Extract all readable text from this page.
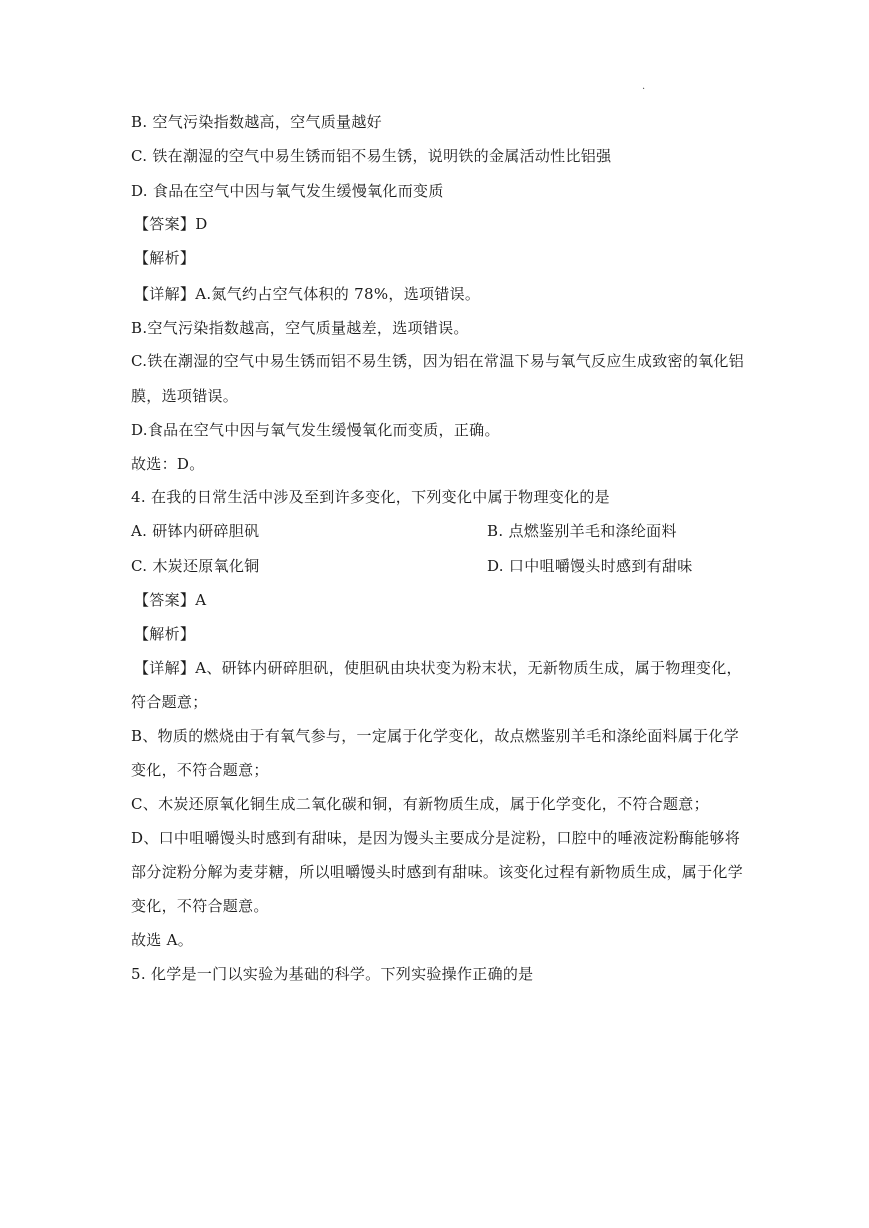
·
B. 空气污染指数越高，空气质量越好
C. 铁在潮湿的空气中易生锈而铝不易生锈，说明铁的金属活动性比铝强
D. 食品在空气中因与氧气发生缓慢氧化而变质
【答案】D
【解析】
【详解】A.氮气约占空气体积的 78%，选项错误。
B.空气污染指数越高，空气质量越差，选项错误。
C.铁在潮湿的空气中易生锈而铝不易生锈，因为铝在常温下易与氧气反应生成致密的氧化铝
膜，选项错误。
D.食品在空气中因与氧气发生缓慢氧化而变质，正确。
故选：D。
4. 在我的日常生活中涉及至到许多变化，下列变化中属于物理变化的是
A. 研钵内研碎胆矾	B. 点燃鉴别羊毛和涤纶面料
C. 木炭还原氧化铜	D. 口中咀嚼馒头时感到有甜味
【答案】A
【解析】
【详解】A、研钵内研碎胆矾，使胆矾由块状变为粉末状，无新物质生成，属于物理变化，
符合题意；
B、物质的燃烧由于有氧气参与，一定属于化学变化，故点燃鉴别羊毛和涤纶面料属于化学
变化，不符合题意；
C、木炭还原氧化铜生成二氧化碳和铜，有新物质生成，属于化学变化，不符合题意；
D、口中咀嚼馒头时感到有甜味，是因为馒头主要成分是淀粉，口腔中的唾液淀粉酶能够将
部分淀粉分解为麦芽糖，所以咀嚼馒头时感到有甜味。该变化过程有新物质生成，属于化学
变化，不符合题意。
故选 A。
5. 化学是一门以实验为基础的科学。下列实验操作正确的是
